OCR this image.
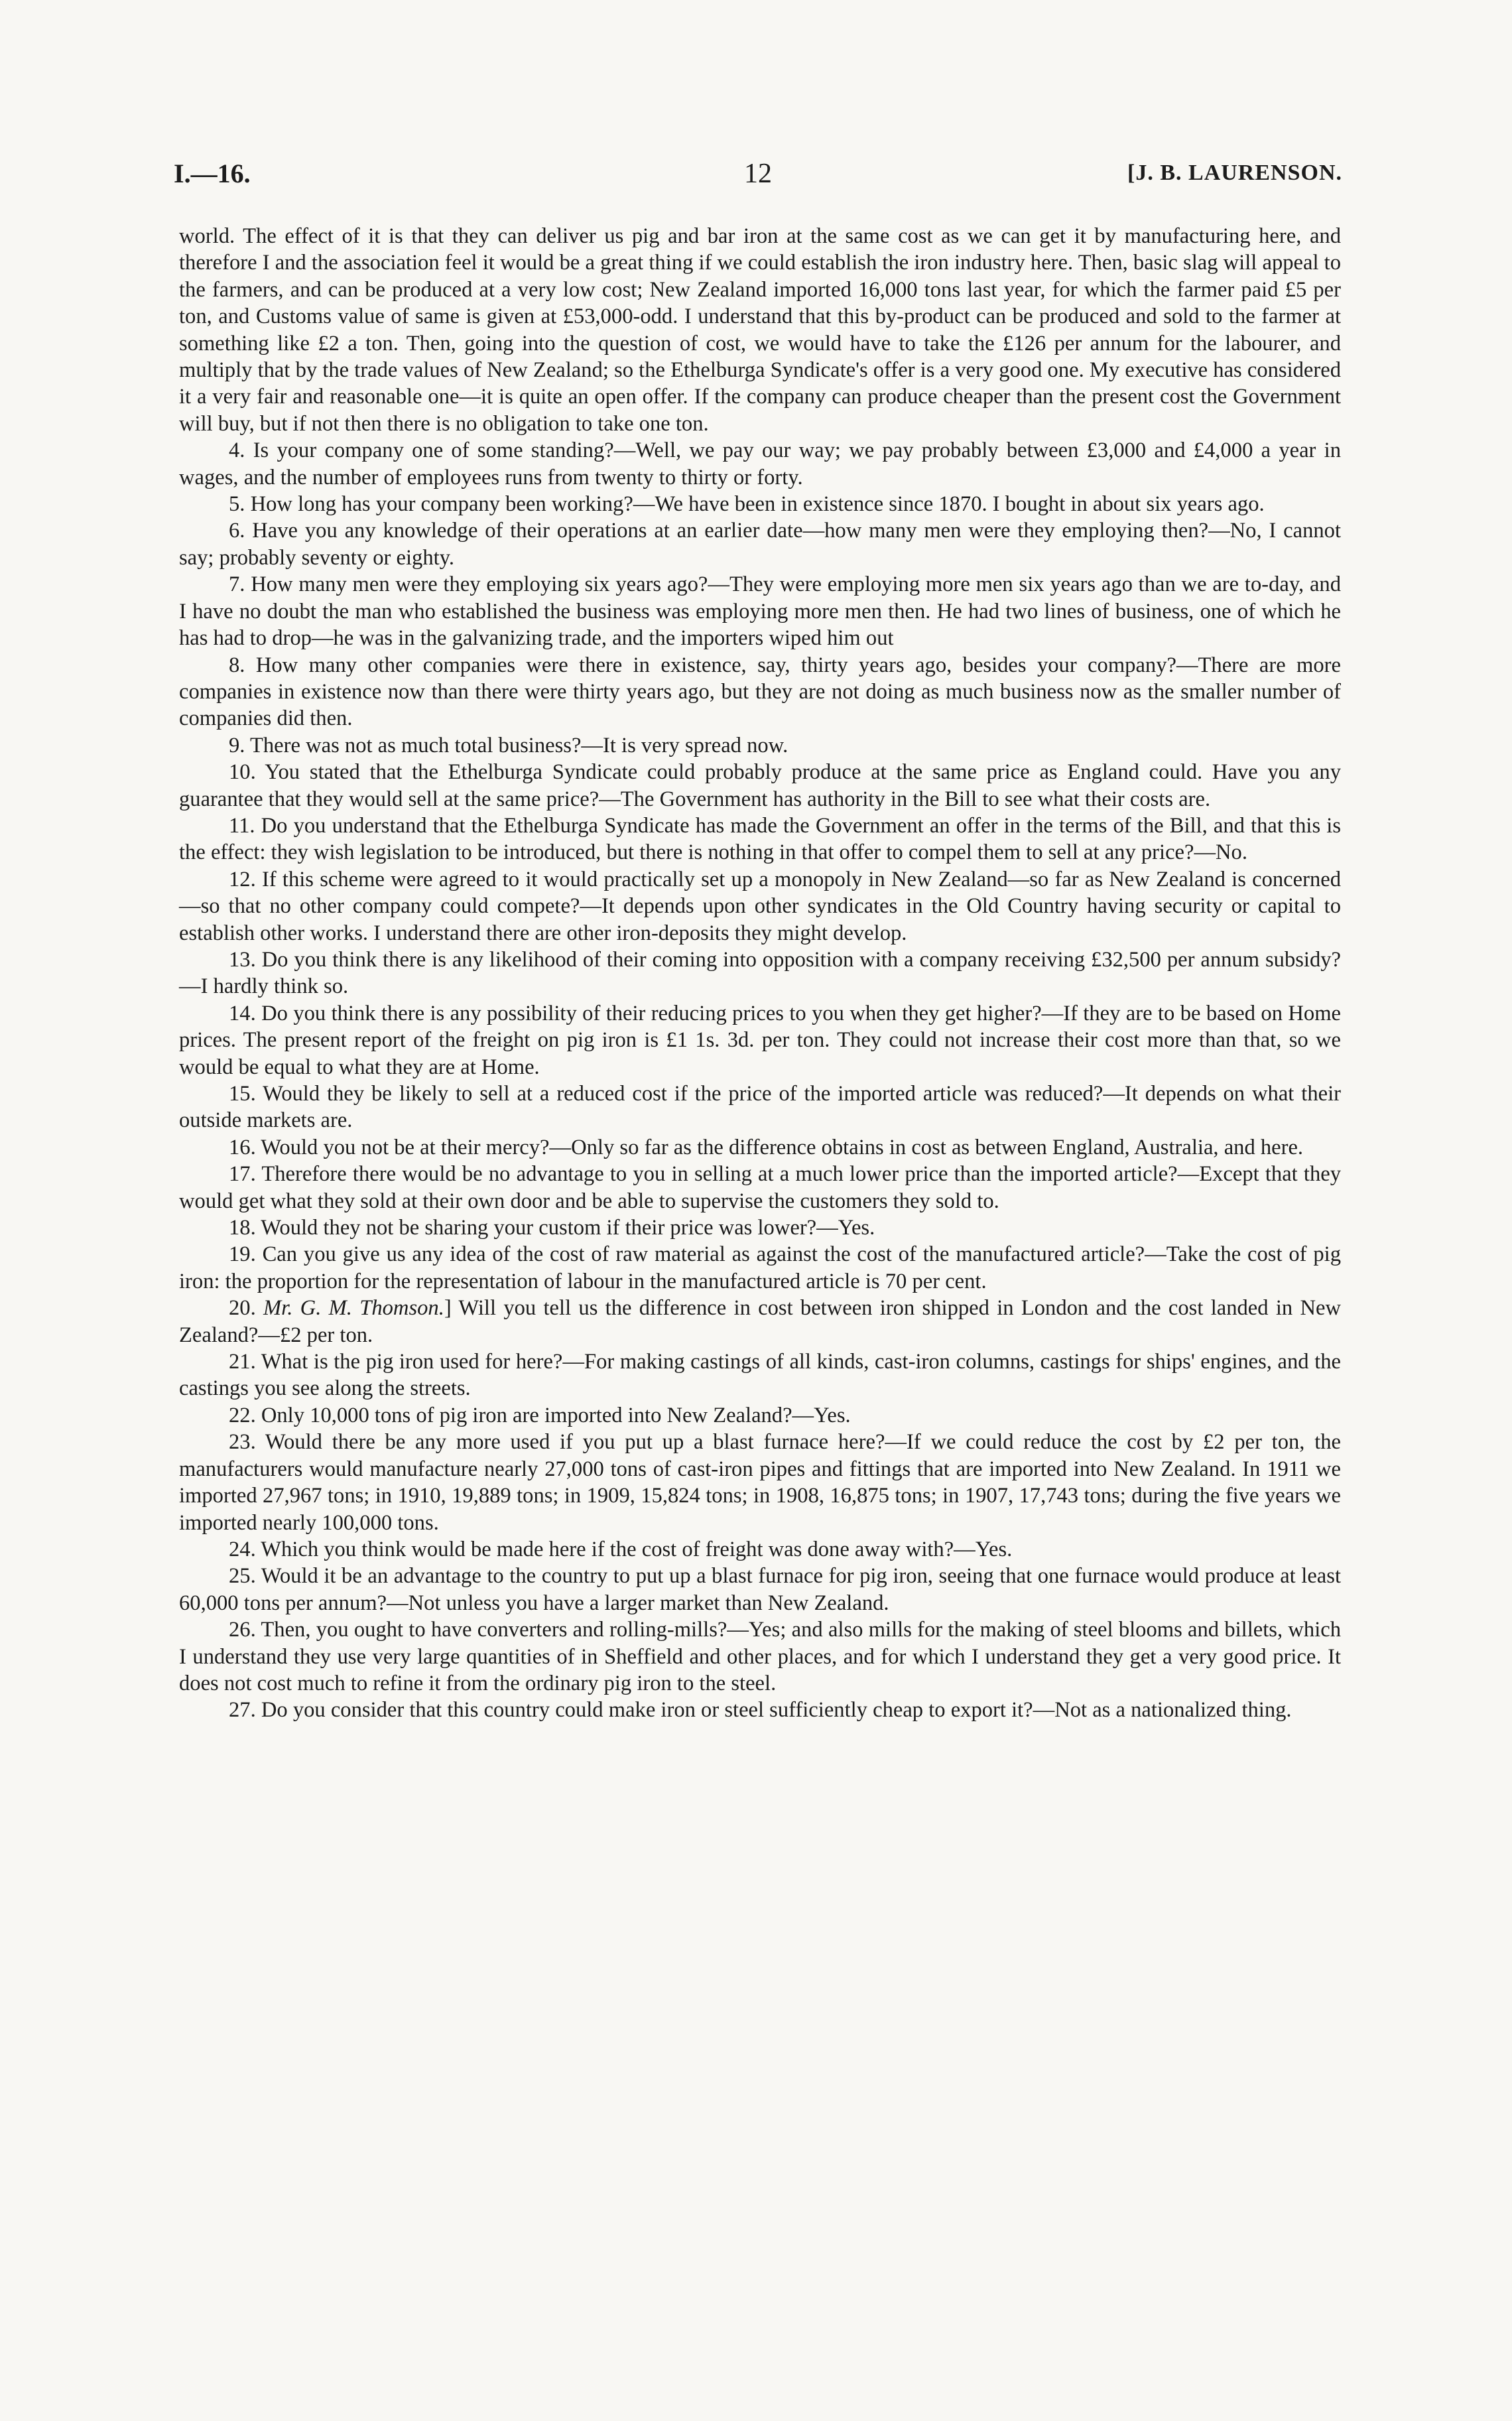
I.—16.	12	[J. B. LAURENSON.

world. The effect of it is that they can deliver us pig and bar iron at the same cost as we can get it by manufacturing here, and therefore I and the association feel it would be a great thing if we could establish the iron industry here. Then, basic slag will appeal to the farmers, and can be produced at a very low cost; New Zealand imported 16,000 tons last year, for which the farmer paid £5 per ton, and Customs value of same is given at £53,000-odd. I understand that this by-product can be produced and sold to the farmer at something like £2 a ton. Then, going into the question of cost, we would have to take the £126 per annum for the labourer, and multiply that by the trade values of New Zealand; so the Ethelburga Syndicate's offer is a very good one. My executive has considered it a very fair and reasonable one—it is quite an open offer. If the company can produce cheaper than the present cost the Government will buy, but if not then there is no obligation to take one ton.

4. Is your company one of some standing?—Well, we pay our way; we pay probably between £3,000 and £4,000 a year in wages, and the number of employees runs from twenty to thirty or forty.

5. How long has your company been working?—We have been in existence since 1870. I bought in about six years ago.

6. Have you any knowledge of their operations at an earlier date—how many men were they employing then?—No, I cannot say; probably seventy or eighty.

7. How many men were they employing six years ago?—They were employing more men six years ago than we are to-day, and I have no doubt the man who established the business was employing more men then. He had two lines of business, one of which he has had to drop—he was in the galvanizing trade, and the importers wiped him out

8. How many other companies were there in existence, say, thirty years ago, besides your company?—There are more companies in existence now than there were thirty years ago, but they are not doing as much business now as the smaller number of companies did then.

9. There was not as much total business?—It is very spread now.

10. You stated that the Ethelburga Syndicate could probably produce at the same price as England could. Have you any guarantee that they would sell at the same price?—The Government has authority in the Bill to see what their costs are.

11. Do you understand that the Ethelburga Syndicate has made the Government an offer in the terms of the Bill, and that this is the effect: they wish legislation to be introduced, but there is nothing in that offer to compel them to sell at any price?—No.

12. If this scheme were agreed to it would practically set up a monopoly in New Zealand—so far as New Zealand is concerned—so that no other company could compete?—It depends upon other syndicates in the Old Country having security or capital to establish other works. I understand there are other iron-deposits they might develop.

13. Do you think there is any likelihood of their coming into opposition with a company receiving £32,500 per annum subsidy?—I hardly think so.

14. Do you think there is any possibility of their reducing prices to you when they get higher?—If they are to be based on Home prices. The present report of the freight on pig iron is £1 1s. 3d. per ton. They could not increase their cost more than that, so we would be equal to what they are at Home.

15. Would they be likely to sell at a reduced cost if the price of the imported article was reduced?—It depends on what their outside markets are.

16. Would you not be at their mercy?—Only so far as the difference obtains in cost as between England, Australia, and here.

17. Therefore there would be no advantage to you in selling at a much lower price than the imported article?—Except that they would get what they sold at their own door and be able to supervise the customers they sold to.

18. Would they not be sharing your custom if their price was lower?—Yes.

19. Can you give us any idea of the cost of raw material as against the cost of the manufactured article?—Take the cost of pig iron: the proportion for the representation of labour in the manufactured article is 70 per cent.

20. Mr. G. M. Thomson.] Will you tell us the difference in cost between iron shipped in London and the cost landed in New Zealand?—£2 per ton.

21. What is the pig iron used for here?—For making castings of all kinds, cast-iron columns, castings for ships' engines, and the castings you see along the streets.

22. Only 10,000 tons of pig iron are imported into New Zealand?—Yes.

23. Would there be any more used if you put up a blast furnace here?—If we could reduce the cost by £2 per ton, the manufacturers would manufacture nearly 27,000 tons of cast-iron pipes and fittings that are imported into New Zealand. In 1911 we imported 27,967 tons; in 1910, 19,889 tons; in 1909, 15,824 tons; in 1908, 16,875 tons; in 1907, 17,743 tons; during the five years we imported nearly 100,000 tons.

24. Which you think would be made here if the cost of freight was done away with?—Yes.

25. Would it be an advantage to the country to put up a blast furnace for pig iron, seeing that one furnace would produce at least 60,000 tons per annum?—Not unless you have a larger market than New Zealand.

26. Then, you ought to have converters and rolling-mills?—Yes; and also mills for the making of steel blooms and billets, which I understand they use very large quantities of in Sheffield and other places, and for which I understand they get a very good price. It does not cost much to refine it from the ordinary pig iron to the steel.

27. Do you consider that this country could make iron or steel sufficiently cheap to export it?—Not as a nationalized thing.
